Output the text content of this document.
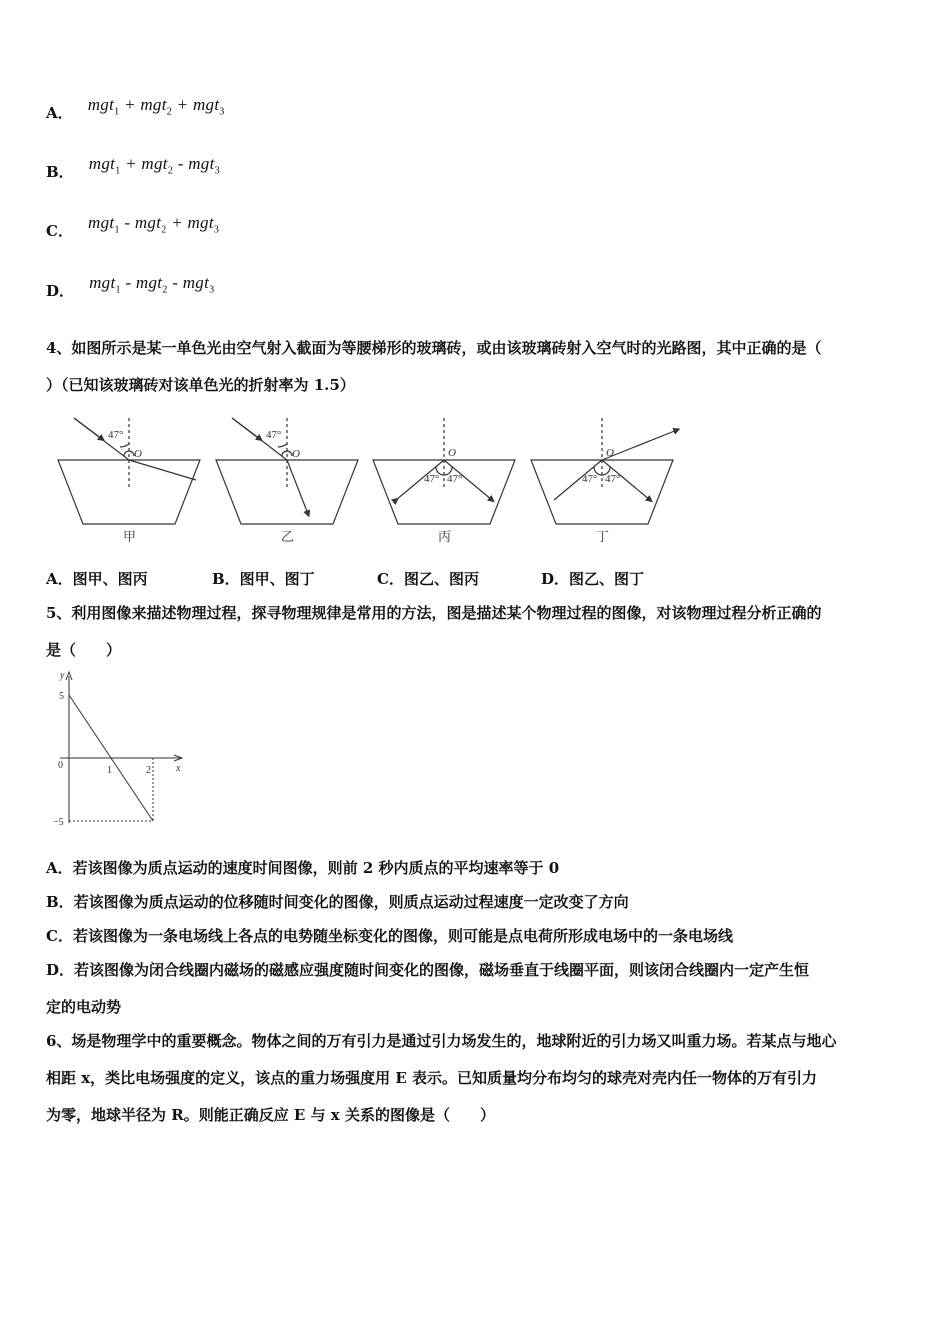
A． mgt$_1$ + mgt$_2$ + mgt$_3$
B． mgt$_1$ + mgt$_2$ - mgt$_3$
C． mgt$_1$ - mgt$_2$ + mgt$_3$
D． mgt$_1$ - mgt$_2$ - mgt$_3$
4、如图所示是某一单色光由空气射入截面为等腰梯形的玻璃砖，或由该玻璃砖射入空气时的光路图，其中正确的是（
）（已知该玻璃砖对该单色光的折射率为 1.5）
47°
O
47°
O	O
47° 47°
O
47° 47°
甲	乙	丙	丁
A．图甲、图丙	B．图甲、图丁	C．图乙、图丙	D．图乙、图丁
5、利用图像来描述物理过程，探寻物理规律是常用的方法，图是描述某个物理过程的图像，对该物理过程分析正确的
是（　　）
y
x
0	1	2
5
−5
A．若该图像为质点运动的速度时间图像，则前 2 秒内质点的平均速率等于 0
B．若该图像为质点运动的位移随时间变化的图像，则质点运动过程速度一定改变了方向
C．若该图像为一条电场线上各点的电势随坐标变化的图像，则可能是点电荷所形成电场中的一条电场线
D．若该图像为闭合线圈内磁场的磁感应强度随时间变化的图像，磁场垂直于线圈平面，则该闭合线圈内一定产生恒
定的电动势
6、场是物理学中的重要概念。物体之间的万有引力是通过引力场发生的，地球附近的引力场又叫重力场。若某点与地心
相距 x，类比电场强度的定义，该点的重力场强度用 E 表示。已知质量均分布均匀的球壳对壳内任一物体的万有引力
为零，地球半径为 R。则能正确反应 E 与 x 关系的图像是（　　）
